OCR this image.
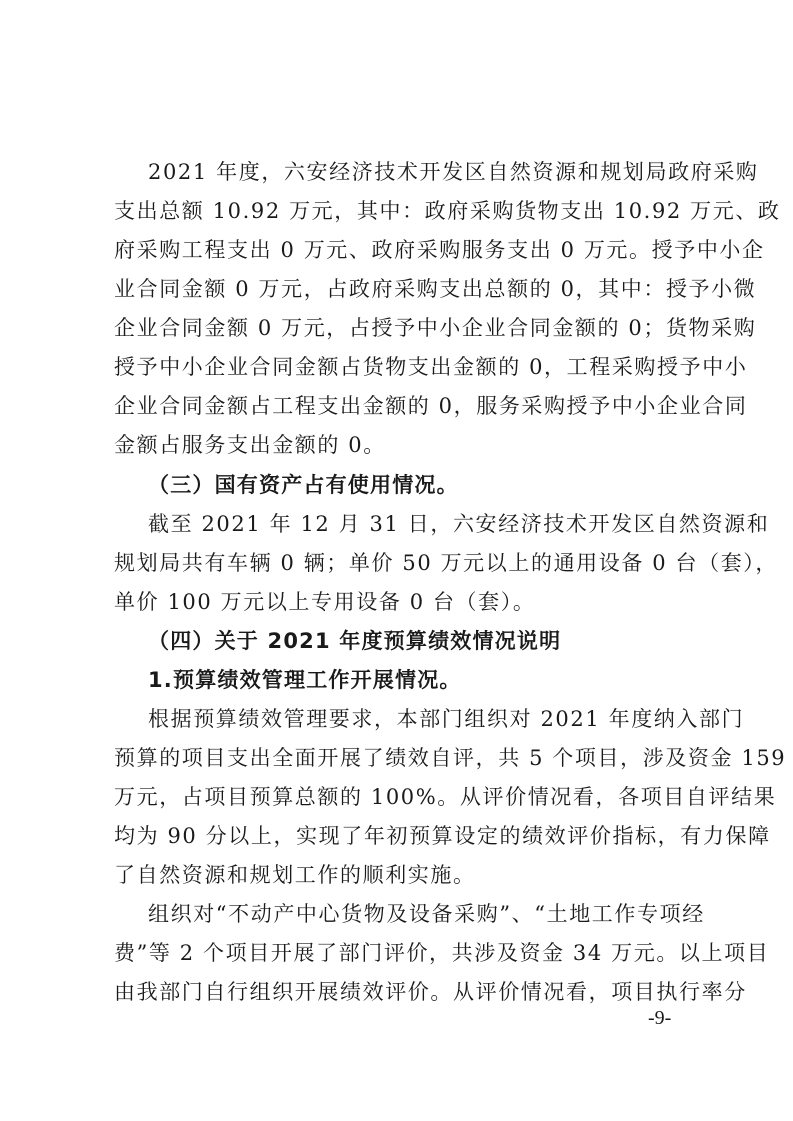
2021 年度，六安经济技术开发区自然资源和规划局政府采购
支出总额 10.92 万元，其中：政府采购货物支出 10.92 万元、政
府采购工程支出 0 万元、政府采购服务支出 0 万元。授予中小企
业合同金额 0 万元，占政府采购支出总额的 0，其中：授予小微
企业合同金额 0 万元，占授予中小企业合同金额的 0；货物采购
授予中小企业合同金额占货物支出金额的 0，工程采购授予中小
企业合同金额占工程支出金额的 0，服务采购授予中小企业合同
金额占服务支出金额的 0。
（三）国有资产占有使用情况。
截至 2021 年 12 月 31 日，六安经济技术开发区自然资源和
规划局共有车辆 0 辆；单价 50 万元以上的通用设备 0 台（套），
单价 100 万元以上专用设备 0 台（套）。
（四）关于 2021 年度预算绩效情况说明
1.预算绩效管理工作开展情况。
根据预算绩效管理要求，本部门组织对 2021 年度纳入部门
预算的项目支出全面开展了绩效自评，共 5 个项目，涉及资金 159
万元，占项目预算总额的 100%。从评价情况看，各项目自评结果
均为 90 分以上，实现了年初预算设定的绩效评价指标，有力保障
了自然资源和规划工作的顺利实施。
组织对“不动产中心货物及设备采购”、“土地工作专项经
费”等 2 个项目开展了部门评价，共涉及资金 34 万元。以上项目
由我部门自行组织开展绩效评价。从评价情况看，项目执行率分
-9-
